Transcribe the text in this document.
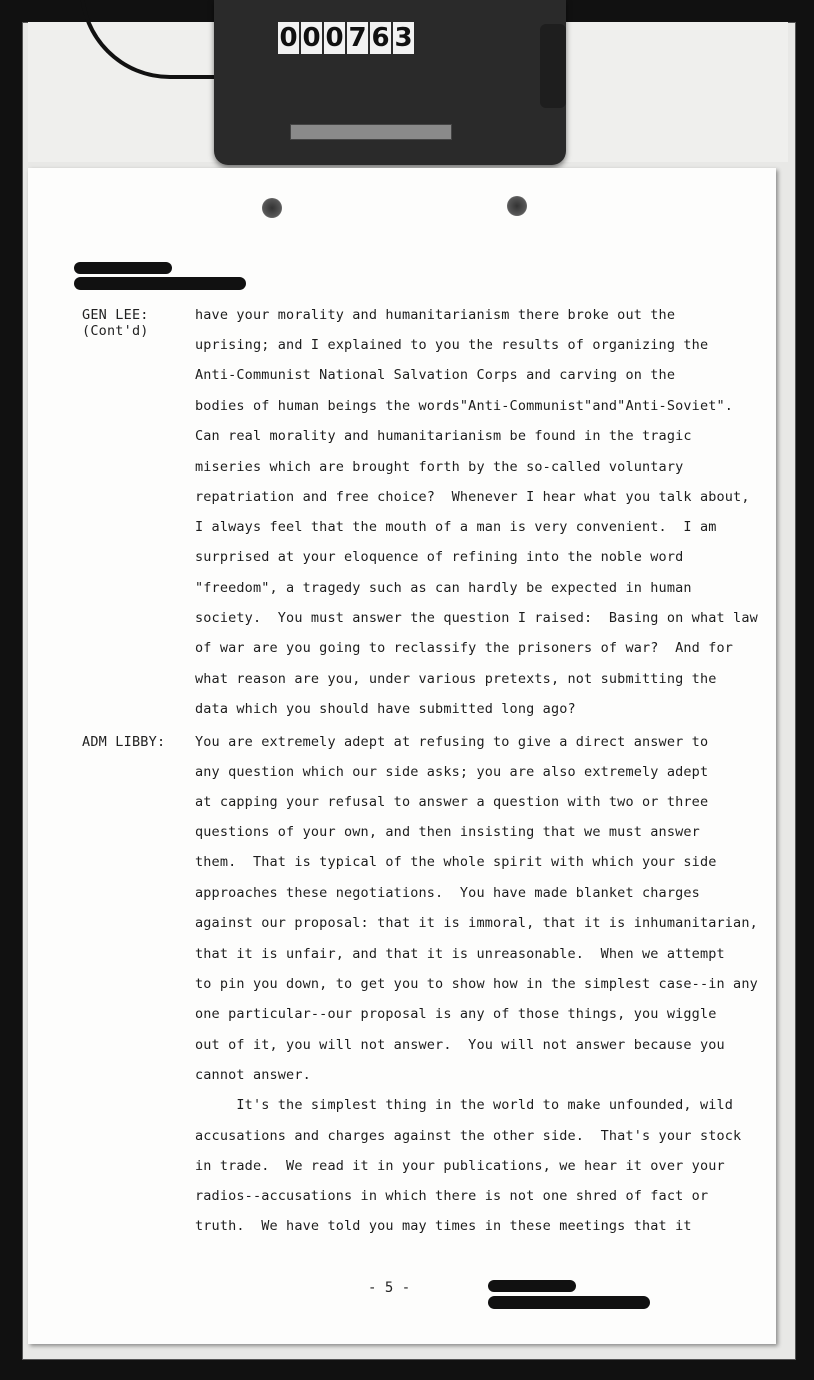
0 0 0 7 6 3
GEN LEE:
(Cont'd)
ADM LIBBY:
have your morality and humanitarianism there broke out the
uprising; and I explained to you the results of organizing the
Anti-Communist National Salvation Corps and carving on the
bodies of human beings the words"Anti-Communist"and"Anti-Soviet".
Can real morality and humanitarianism be found in the tragic
miseries which are brought forth by the so-called voluntary
repatriation and free choice?  Whenever I hear what you talk about,
I always feel that the mouth of a man is very convenient.  I am
surprised at your eloquence of refining into the noble word
"freedom", a tragedy such as can hardly be expected in human
society.  You must answer the question I raised:  Basing on what law
of war are you going to reclassify the prisoners of war?  And for
what reason are you, under various pretexts, not submitting the
data which you should have submitted long ago?
You are extremely adept at refusing to give a direct answer to
any question which our side asks; you are also extremely adept
at capping your refusal to answer a question with two or three
questions of your own, and then insisting that we must answer
them.  That is typical of the whole spirit with which your side
approaches these negotiations.  You have made blanket charges
against our proposal: that it is immoral, that it is inhumanitarian,
that it is unfair, and that it is unreasonable.  When we attempt
to pin you down, to get you to show how in the simplest case--in any
one particular--our proposal is any of those things, you wiggle
out of it, you will not answer.  You will not answer because you
cannot answer.
It's the simplest thing in the world to make unfounded, wild
accusations and charges against the other side.  That's your stock
in trade.  We read it in your publications, we hear it over your
radios--accusations in which there is not one shred of fact or
truth.  We have told you may times in these meetings that it
- 5 -
